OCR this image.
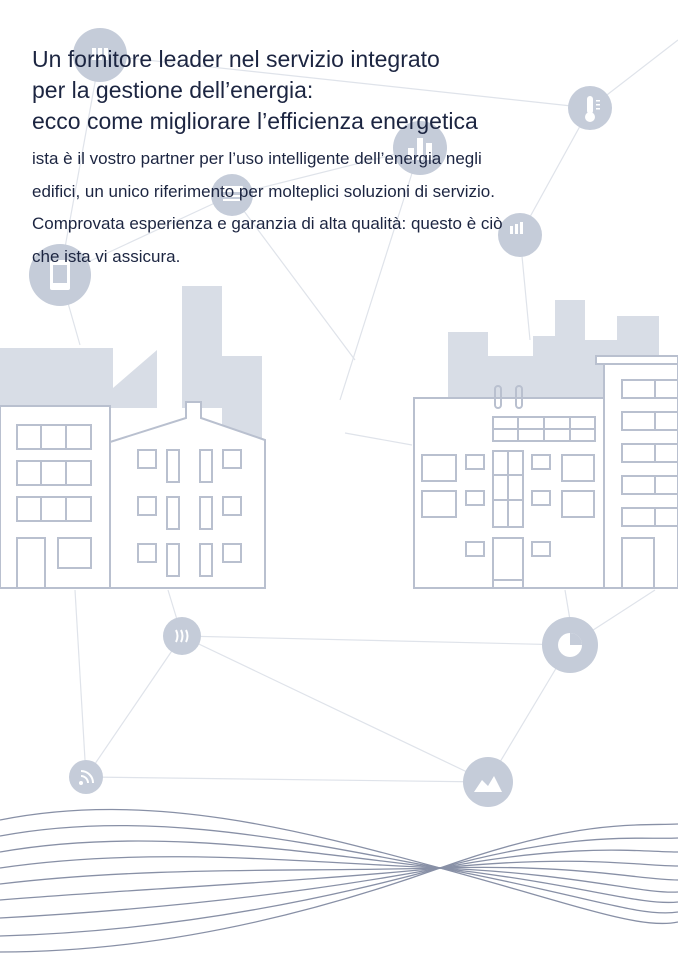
Un fornitore leader nel servizio integrato
per la gestione dell’energia:
ecco come migliorare l’efficienza energetica

ista è il vostro partner per l’uso intelligente dell’energia negli
edifici, un unico riferimento per molteplici soluzioni di servizio.
Comprovata esperienza e garanzia di alta qualità: questo è ciò
che ista vi assicura.
